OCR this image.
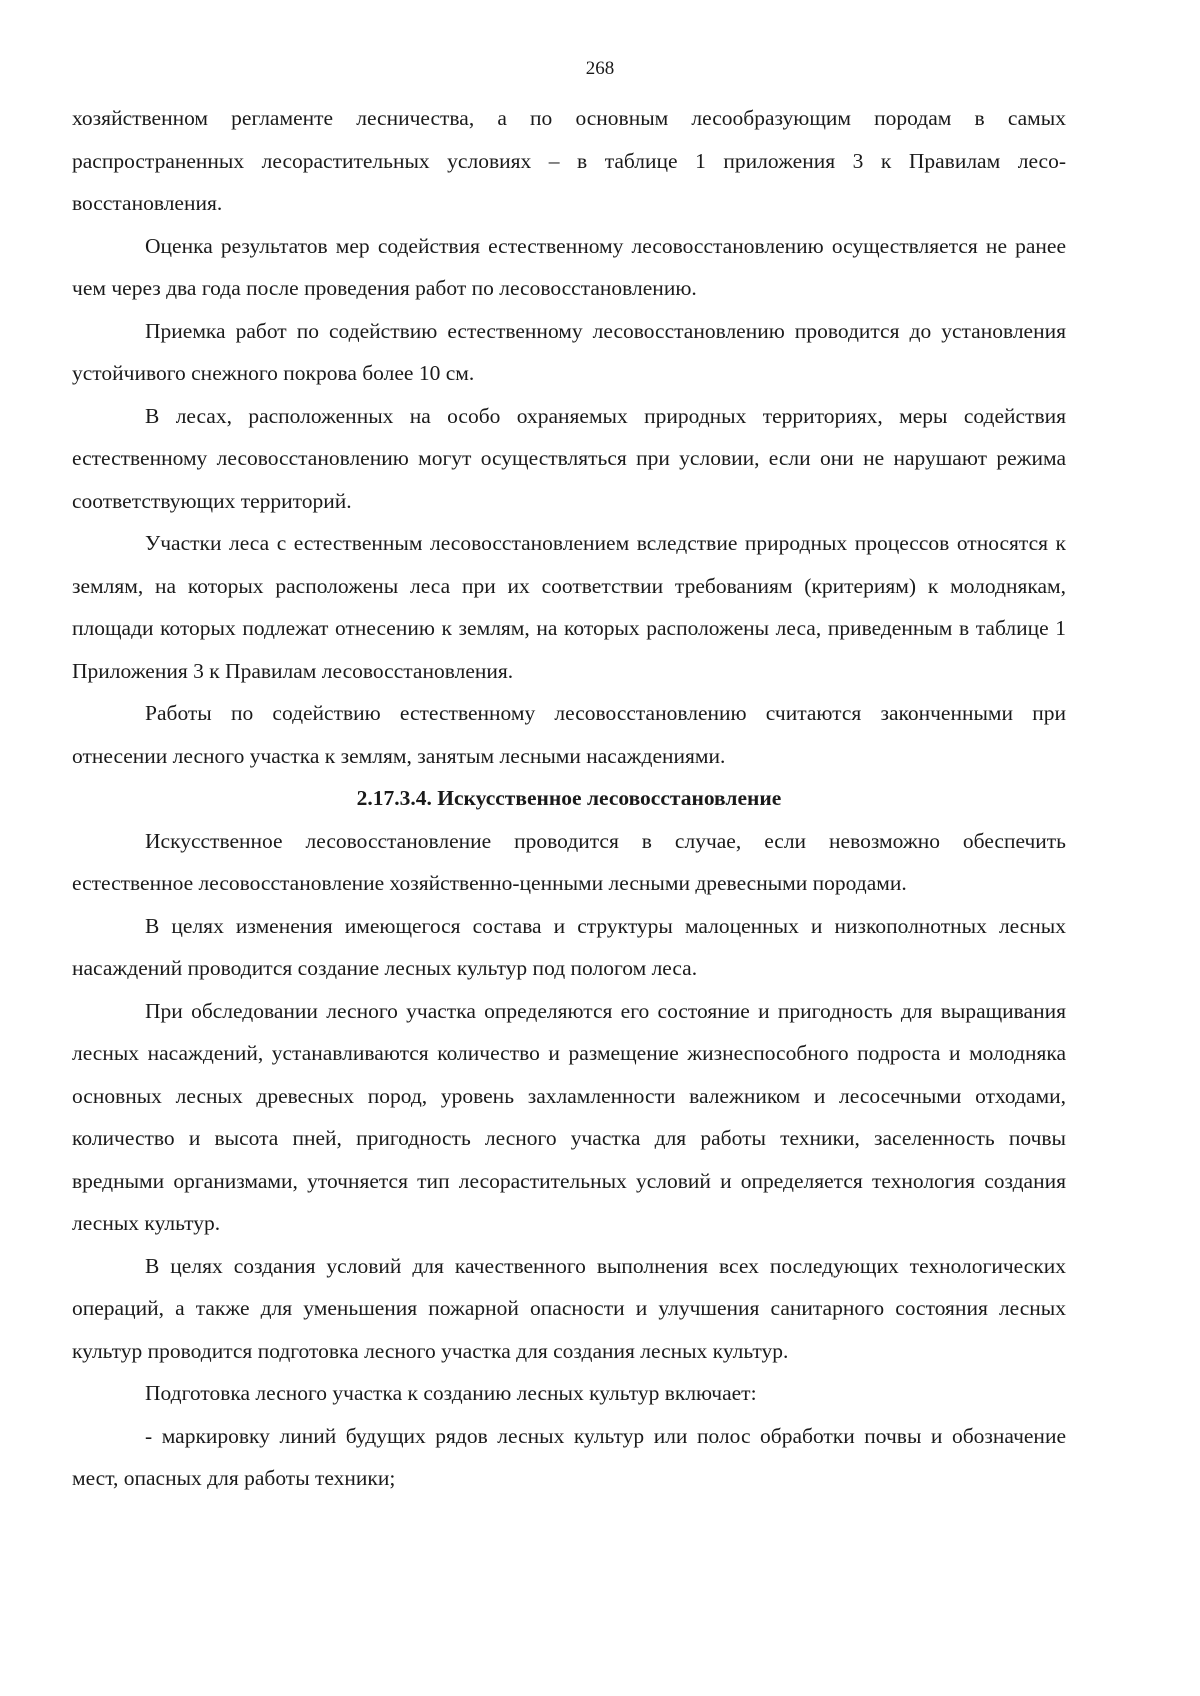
268

хозяйственном регламенте лесничества, а по основным лесообразующим породам в самых распространенных лесорастительных условиях – в таблице 1 приложения 3 к Правилам лесовосстановления.

Оценка результатов мер содействия естественному лесовосстановлению осуществляется не ранее чем через два года после проведения работ по лесовосстановлению.

Приемка работ по содействию естественному лесовосстановлению проводится до установления устойчивого снежного покрова более 10 см.

В лесах, расположенных на особо охраняемых природных территориях, меры содействия естественному лесовосстановлению могут осуществляться при условии, если они не нарушают режима соответствующих территорий.

Участки леса с естественным лесовосстановлением вследствие природных процессов относятся к землям, на которых расположены леса при их соответствии требованиям (критериям) к молоднякам, площади которых подлежат отнесению к землям, на которых расположены леса, приведенным в таблице 1 Приложения 3 к Правилам лесовосстановления.

Работы по содействию естественному лесовосстановлению считаются законченными при отнесении лесного участка к землям, занятым лесными насаждениями.

2.17.3.4. Искусственное лесовосстановление

Искусственное лесовосстановление проводится в случае, если невозможно обеспечить естественное лесовосстановление хозяйственно-ценными лесными древесными породами.

В целях изменения имеющегося состава и структуры малоценных и низкополнотных лесных насаждений проводится создание лесных культур под пологом леса.

При обследовании лесного участка определяются его состояние и пригодность для выращивания лесных насаждений, устанавливаются количество и размещение жизнеспособного подроста и молодняка основных лесных древесных пород, уровень захламленности валежником и лесосечными отходами, количество и высота пней, пригодность лесного участка для работы техники, заселенность почвы вредными организмами, уточняется тип лесорастительных условий и определяется технология создания лесных культур.

В целях создания условий для качественного выполнения всех последующих технологических операций, а также для уменьшения пожарной опасности и улучшения санитарного состояния лесных культур проводится подготовка лесного участка для создания лесных культур.

Подготовка лесного участка к созданию лесных культур включает:

- маркировку линий будущих рядов лесных культур или полос обработки почвы и обозначение мест, опасных для работы техники;
